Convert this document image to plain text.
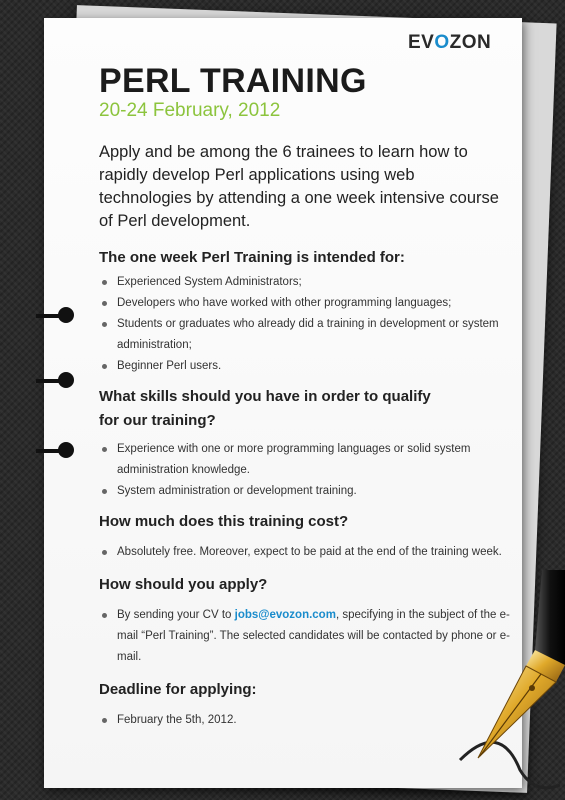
EVOZON
PERL TRAINING

20-24 February, 2012

Apply and be among the 6 trainees to learn how to rapidly develop Perl applications using web technologies by attending a one week intensive course of Perl development.

The one week Perl Training is intended for:

Experienced System Administrators;
Developers who have worked with other programming languages;
Students or graduates who already did a training in development or system administration;
Beginner Perl users.

What skills should you have in order to qualify for our training?

Experience with one or more programming languages or solid system administration knowledge.
System administration or development training.

How much does this training cost?

Absolutely free. Moreover, expect to be paid at the end of the training week.

How should you apply?

By sending your CV to jobs@evozon.com, specifying in the subject of the e-mail “Perl Training”. The selected candidates will be contacted by phone or e-mail.

Deadline for applying:

February the 5th, 2012.
